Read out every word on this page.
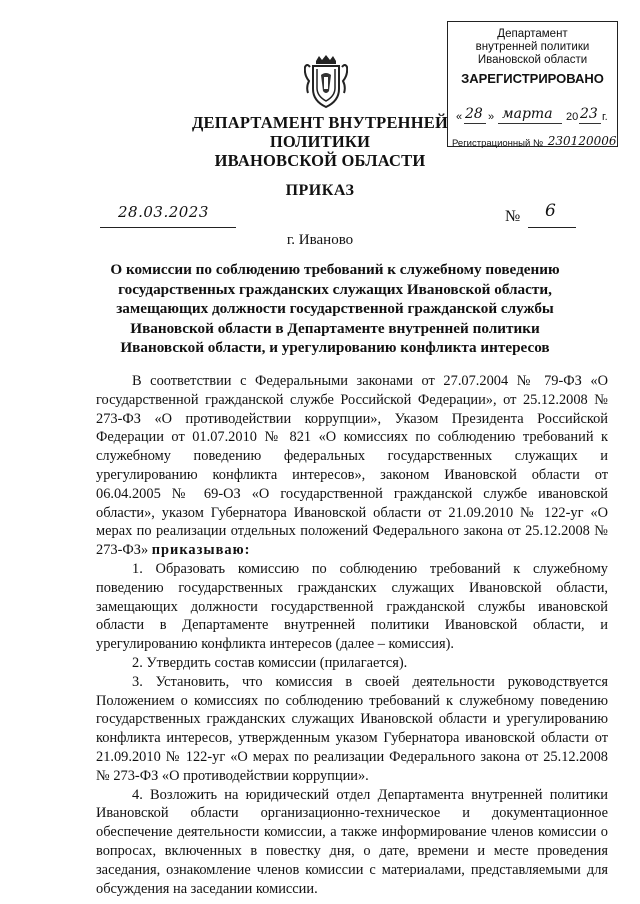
Департамент
внутренней политики
Ивановской области
ЗАРЕГИСТРИРОВАНО
« 28 » марта 20 23 г.
Регистрационный № 230120006
ДЕПАРТАМЕНТ ВНУТРЕННЕЙ ПОЛИТИКИ
ИВАНОВСКОЙ ОБЛАСТИ
ПРИКАЗ
28.03.2023	№ 6
г. Иваново
О комиссии по соблюдению требований к служебному поведению
государственных гражданских служащих Ивановской области,
замещающих должности государственной гражданской службы
Ивановской области в Департаменте внутренней политики
Ивановской области, и урегулированию конфликта интересов

В соответствии с Федеральными законами от 27.07.2004 № 79-ФЗ «О государственной гражданской службе Российской Федерации», от 25.12.2008 № 273-ФЗ «О противодействии коррупции», Указом Президента Российской Федерации от 01.07.2010 № 821 «О комиссиях по соблюдению требований к служебному поведению федеральных государственных служащих и урегулированию конфликта интересов», законом Ивановской области от 06.04.2005 № 69-ОЗ «О государственной гражданской службе ивановской области», указом Губернатора Ивановской области от 21.09.2010 № 122-уг «О мерах по реализации отдельных положений Федерального закона от 25.12.2008 № 273-ФЗ» приказываю:

1. Образовать комиссию по соблюдению требований к служебному поведению государственных гражданских служащих Ивановской области, замещающих должности государственной гражданской службы ивановской области в Департаменте внутренней политики Ивановской области, и урегулированию конфликта интересов (далее – комиссия).

2. Утвердить состав комиссии (прилагается).

3. Установить, что комиссия в своей деятельности руководствуется Положением о комиссиях по соблюдению требований к служебному поведению государственных гражданских служащих Ивановской области и урегулированию конфликта интересов, утвержденным указом Губернатора ивановской области от 21.09.2010 № 122-уг «О мерах по реализации Федерального закона от 25.12.2008 № 273-ФЗ «О противодействии коррупции».

4. Возложить на юридический отдел Департамента внутренней политики Ивановской области организационно-техническое и документационное обеспечение деятельности комиссии, а также информирование членов комиссии о вопросах, включенных в повестку дня, о дате, времени и месте проведения заседания, ознакомление членов комиссии с материалами, представляемыми для обсуждения на заседании комиссии.
